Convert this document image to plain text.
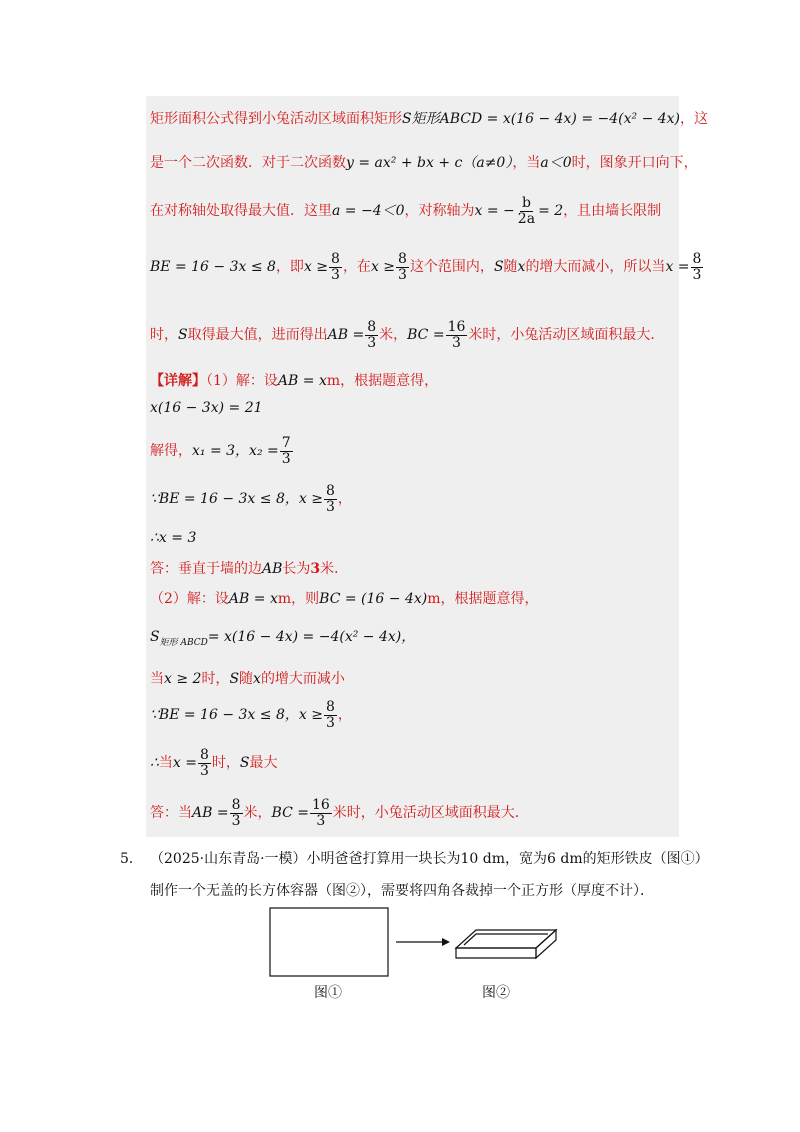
矩形面积公式得到小兔活动区域面积矩形S矩形ABCD = x(16 − 4x) = −4(x² − 4x)，这
是一个二次函数．对于二次函数y = ax² + bx + c（a≠0），当a＜0时，图象开口向下，
在对称轴处取得最大值．这里a = −4＜0，对称轴为x = − $\frac{b}{2a} = 2$，且由墙长限制
BE = 16 − 3x ≤ 8，即$x \ge \frac{8}{3}$ ，在$x \ge \frac{8}{3}$ 这个范围内，S随x的增大而减小，所以当$x = \frac{8}{3}$
时，S取得最大值，进而得出AB = $\frac{8}{3}$ 米，BC = $\frac{16}{3}$ 米时，小兔活动区域面积最大．
【详解】（1）解：设AB = xm，根据题意得，
x(16 − 3x) = 21
解得，x₁ = 3，$x_2 = \frac{7}{3}$
∵BE = 16 − 3x ≤ 8，$x \ge \frac{8}{3}$ ，
∴x = 3
答：垂直于墙的边AB长为3米．
（2）解：设AB = xm，则BC = (16 − 4x)m，根据题意得，
$S_{矩形 ABCD}= x(16 - 4x) = -4(x^2 - 4x)$，
当x ≥ 2时，S随x的增大而减小
∵BE = 16 − 3x ≤ 8，$x \ge \frac{8}{3}$ ，
∴当$x = \frac{8}{3}$ 时，S最大
答：当AB = $\frac{8}{3}$ 米，BC = $\frac{16}{3}$ 米时，小兔活动区域面积最大．
5． （2025·山东青岛·一模）小明爸爸打算用一块长为10 dm，宽为6 dm的矩形铁皮（图①）
制作一个无盖的长方体容器（图②），需要将四角各裁掉一个正方形（厚度不计）．
图①	图②
